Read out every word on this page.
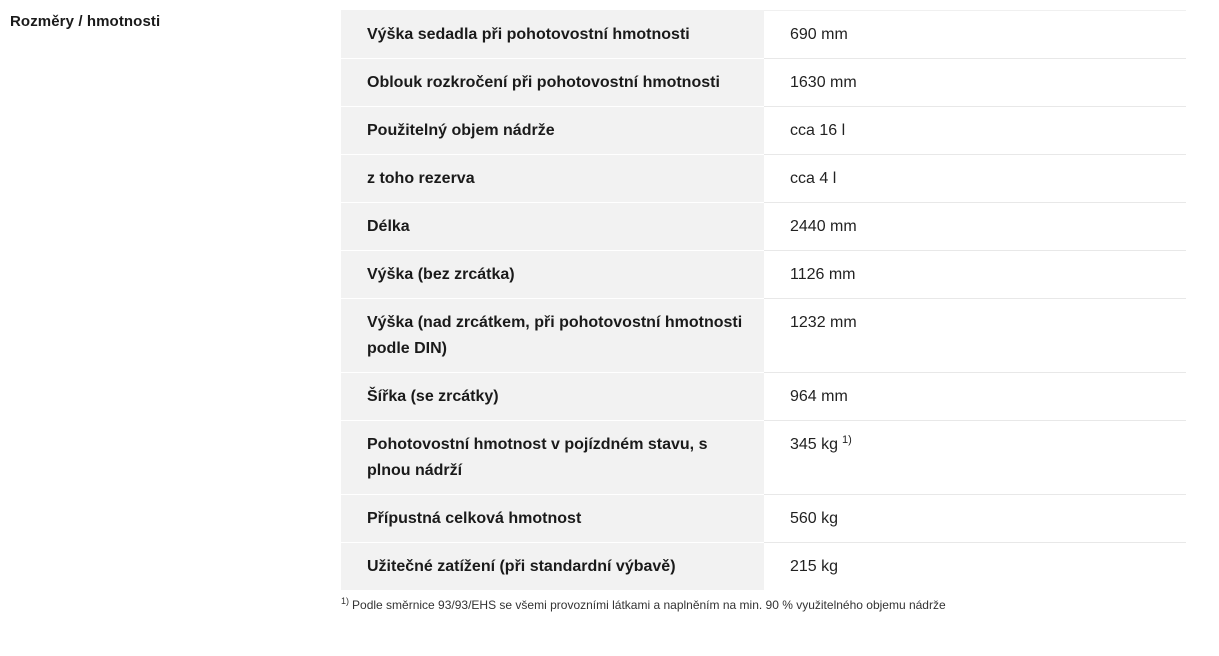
Rozměry / hmotnosti
Výška sedadla při pohotovostní hmotnosti	690 mm
Oblouk rozkročení při pohotovostní hmotnosti	1630 mm
Použitelný objem nádrže	cca 16 l
z toho rezerva	cca 4 l
Délka	2440 mm
Výška (bez zrcátka)	1126 mm
Výška (nad zrcátkem, při pohotovostní hmotnosti podle DIN)	1232 mm
Šířka (se zrcátky)	964 mm
Pohotovostní hmotnost v pojízdném stavu, s plnou nádrží	345 kg $^{1)}$
Přípustná celková hmotnost	560 kg
Užitečné zatížení (při standardní výbavě)	215 kg
$^{1)}$ Podle směrnice 93/93/EHS se všemi provozními látkami a naplněním na min. 90 % využitelného objemu nádrže
